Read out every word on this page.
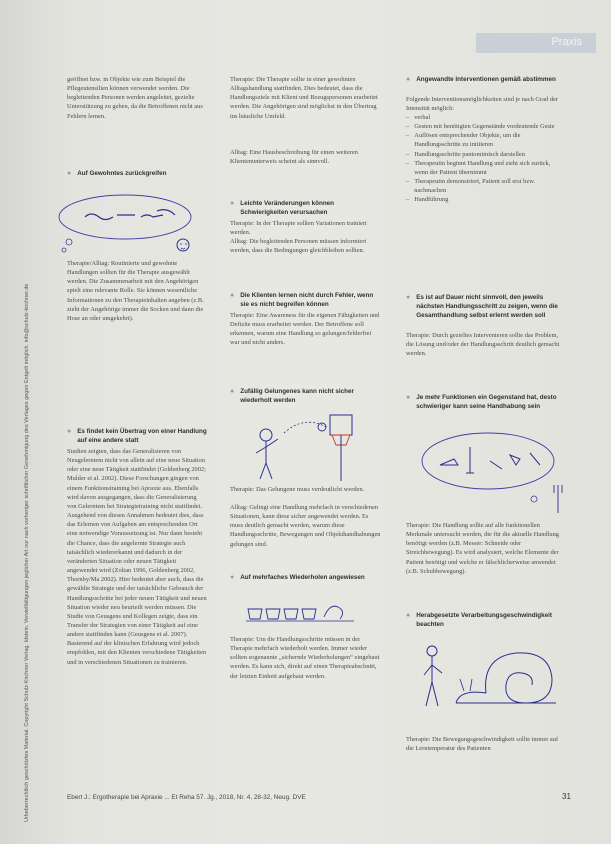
Urheberrechtlich geschütztes Material. Copyright Schulz-Kirchner Verlag. Idstein. Vervielfältigungen jeglicher Art nur nach vorheriger schriftlicher Genehmigung des Verlages gegen Entgelt möglich. info@schulz-kirchner.de
Praxis

geöffnet bzw. in Objekte wie zum Beispiel die Pflegeutensilien können verwendet werden. Die begleitenden Personen werden angeleitet, gezielte Unterstützung zu geben, da die Betroffenen nicht aus Fehlern lernen.

● Auf Gewohntes zurückgreifen

Therapie/Alltag: Routinierte und gewohnte Handlungen sollten für die Therapie ausgewählt werden. Die Zusammenarbeit mit den Angehörigen spielt eine relevante Rolle. Sie können wesentliche Informationen zu den Therapieinhalten angeben (z.B. zieht der Angehörige immer die Socken und dann die Hose an oder umgekehrt).

● Es findet kein Übertrag von einer Handlung auf eine andere statt

Studien zeigten, dass das Generalisieren von Neugelerntem nicht von allein auf eine neue Situation oder eine neue Tätigkeit stattfindet (Goldenberg 2002; Mulder et al. 2002). Diese Forschungen gingen von einem Funktionstraining bei Apraxie aus. Ebenfalls wird davon ausgegangen, dass die Generalisierung von Gelerntem bei Strategietraining nicht stattfindet. Ausgehend von diesen Annahmen bedeutet dies, dass das Erlernen von Aufgaben am entsprechenden Ort eine notwendige Voraussetzung ist. Nur dann besteht die Chance, dass die angelernte Strategie auch tatsächlich wiedererkannt und dadurch in der veränderten Situation oder neuen Tätigkeit angewendet wird (Zoltan 1996, Goldenberg 2002, Thornby/Ma 2002). Hier bedeutet aber auch, dass die gewählte Strategie und der tatsächliche Gebrauch der Handlungsschritte bei jeder neuen Tätigkeit und neuen Situation wieder neu beurteilt werden müssen. Die Studie von Geusgens und Kollegen zeigte, dass ein Transfer der Strategien von einer Tätigkeit auf eine andere stattfinden kann (Geusgens et al. 2007). Basierend auf der klinischen Erfahrung wird jedoch empfohlen, mit den Klienten verschiedene Tätigkeiten und in verschiedenen Situationen zu trainieren.

Therapie: Die Therapie sollte in einer gewohnten Alltagshandlung stattfinden. Dies bedeutet, dass die Handlungsziele mit Klient und Bezugspersonen erarbeitet werden. Die Angehörigen sind möglichst in den Übertrag ins häusliche Umfeld.

Alltag: Eine Hausbeschreibung für einen weiteren Klientenunterweis scheint als sinnvoll.

● Leichte Veränderungen können Schwierigkeiten verursachen

Therapie: In der Therapie sollten Variationen trainiert werden.

Alltag: Die begleitenden Personen müssen informiert werden, dass die Bedingungen gleichbleiben sollten.

● Die Klienten lernen nicht durch Fehler, wenn sie es nicht begreifen können

Therapie: Eine Awareness für die eigenen Fähigkeiten und Defizite muss erarbeitet werden. Der Betroffene soll erkennen, warum eine Handlung so gelungen/fehlerfrei war und nicht anders.

● Zufällig Gelungenes kann nicht sicher wiederholt werden

Therapie: Das Gelungene muss verdeutlicht werden.

Alltag: Gelingt eine Handlung mehrfach in verschiedenen Situationen, kann diese sicher angewendet werden. Es muss deutlich gemacht werden, warum diese Handlungsschritte, Bewegungen und Objekthandhabungen gelungen sind.

● Auf mehrfaches Wiederholen angewiesen

Therapie: Um die Handlungsschritte müssen in der Therapie mehrfach wiederholt werden. Immer wieder sollten sogenannte „sichernde Wiederholungen“ eingebaut werden. Es kann sich, direkt auf einen Therapieabschnitt, der letzten Einheit aufgebaut werden.

● Angewandte Interventionen gemäß abstimmen

Folgende Interventionsmöglichkeiten sind je nach Grad der Intensität möglich:

– verbal
– Gesten mit benötigten Gegenstände vordeutende Geste
– Auflösen entsprechender Objekte, um die Handlungsschritte zu initiieren
– Handlungsschritte pantomimisch darstellen
– Therapeutin beginnt Handlung und zieht sich zurück, wenn der Patient übernimmt
– Therapeutin demonstriert, Patient soll erst bzw. nachmachen
– Handführung
● Es ist auf Dauer nicht sinnvoll, den jeweils nächsten Handlungsschritt zu zeigen, wenn die Gesamthandlung selbst erlernt werden soll

Therapie: Durch gezieltes Intervenieren sollte das Problem, die Lösung und/oder der Handlungsschritt deutlich gemacht werden.

● Je mehr Funktionen ein Gegenstand hat, desto schwieriger kann seine Handhabung sein

Therapie: Die Handlung sollte auf alle funktionellen Merkmale untersucht werden, die für die aktuelle Handlung benötigt werden (z.B. Messer: Schneide oder Streichbewegung). Es wird analysiert, welche Elemente der Patient benötigt und welche er fälschlicherweise anwendet (z.B. Schubbewegung).

● Herabgesetzte Verarbeitungsgeschwindigkeit beachten

Therapie: Die Bewegungsgeschwindigkeit sollte immer auf die Lerntemperatur des Patienten

Ebert J.: Ergotherapie bei Apraxie ... Et Reha 57. Jg., 2018, Nr. 4, 28-32, Neug. DVE	31
